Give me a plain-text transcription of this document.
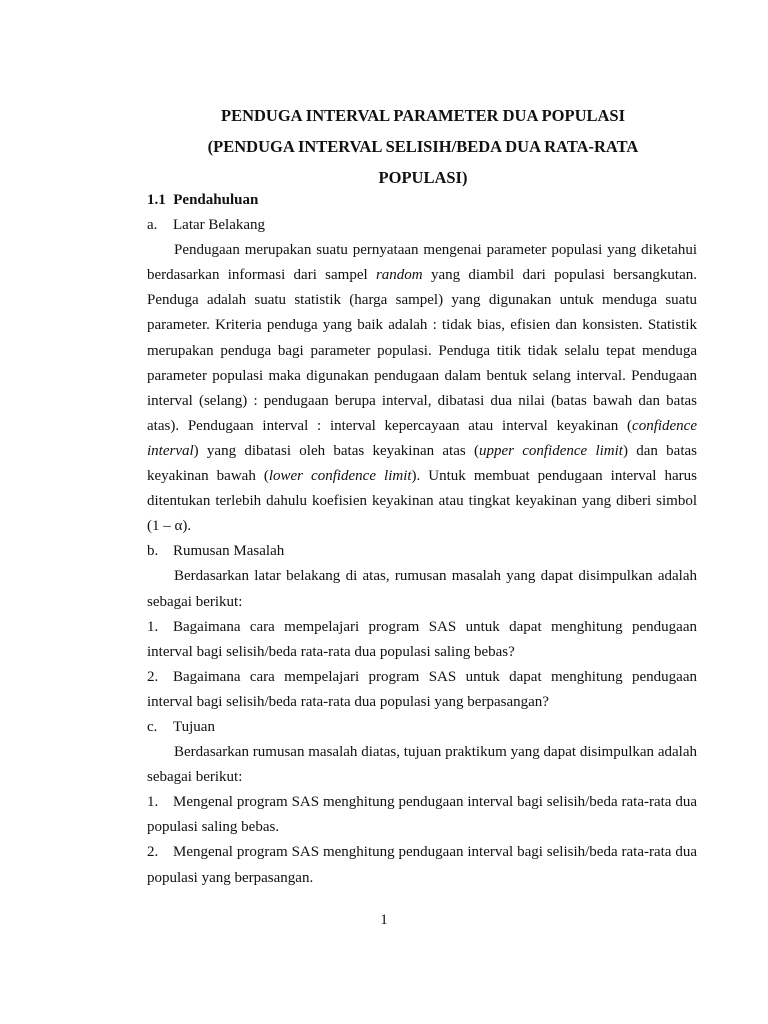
PENDUGA INTERVAL PARAMETER DUA POPULASI
(PENDUGA INTERVAL SELISIH/BEDA DUA RATA-RATA
POPULASI)
1.1 Pendahuluan
a.	Latar Belakang

Pendugaan merupakan suatu pernyataan mengenai parameter populasi yang diketahui berdasarkan informasi dari sampel random yang diambil dari populasi bersangkutan. Penduga adalah suatu statistik (harga sampel) yang digunakan untuk menduga suatu parameter. Kriteria penduga yang baik adalah : tidak bias, efisien dan konsisten. Statistik merupakan penduga bagi parameter populasi. Penduga titik tidak selalu tepat menduga parameter populasi maka digunakan pendugaan dalam bentuk selang interval. Pendugaan interval (selang) : pendugaan berupa interval, dibatasi dua nilai (batas bawah dan batas atas). Pendugaan interval : interval kepercayaan atau interval keyakinan (confidence interval) yang dibatasi oleh batas keyakinan atas (upper confidence limit) dan batas keyakinan bawah (lower confidence limit). Untuk membuat pendugaan interval harus ditentukan terlebih dahulu koefisien keyakinan atau tingkat keyakinan yang diberi simbol (1 – α).

b. Rumusan Masalah

Berdasarkan latar belakang di atas, rumusan masalah yang dapat disimpulkan adalah sebagai berikut:

1. Bagaimana cara mempelajari program SAS untuk dapat menghitung pendugaan interval bagi selisih/beda rata-rata dua populasi saling bebas?

2. Bagaimana cara mempelajari program SAS untuk dapat menghitung pendugaan interval bagi selisih/beda rata-rata dua populasi yang berpasangan?

c.	Tujuan

Berdasarkan rumusan masalah diatas, tujuan praktikum yang dapat disimpulkan adalah sebagai berikut:

1. Mengenal program SAS menghitung pendugaan interval bagi selisih/beda rata-rata dua populasi saling bebas.

2. Mengenal program SAS menghitung pendugaan interval bagi selisih/beda rata-rata dua populasi yang berpasangan.

1
